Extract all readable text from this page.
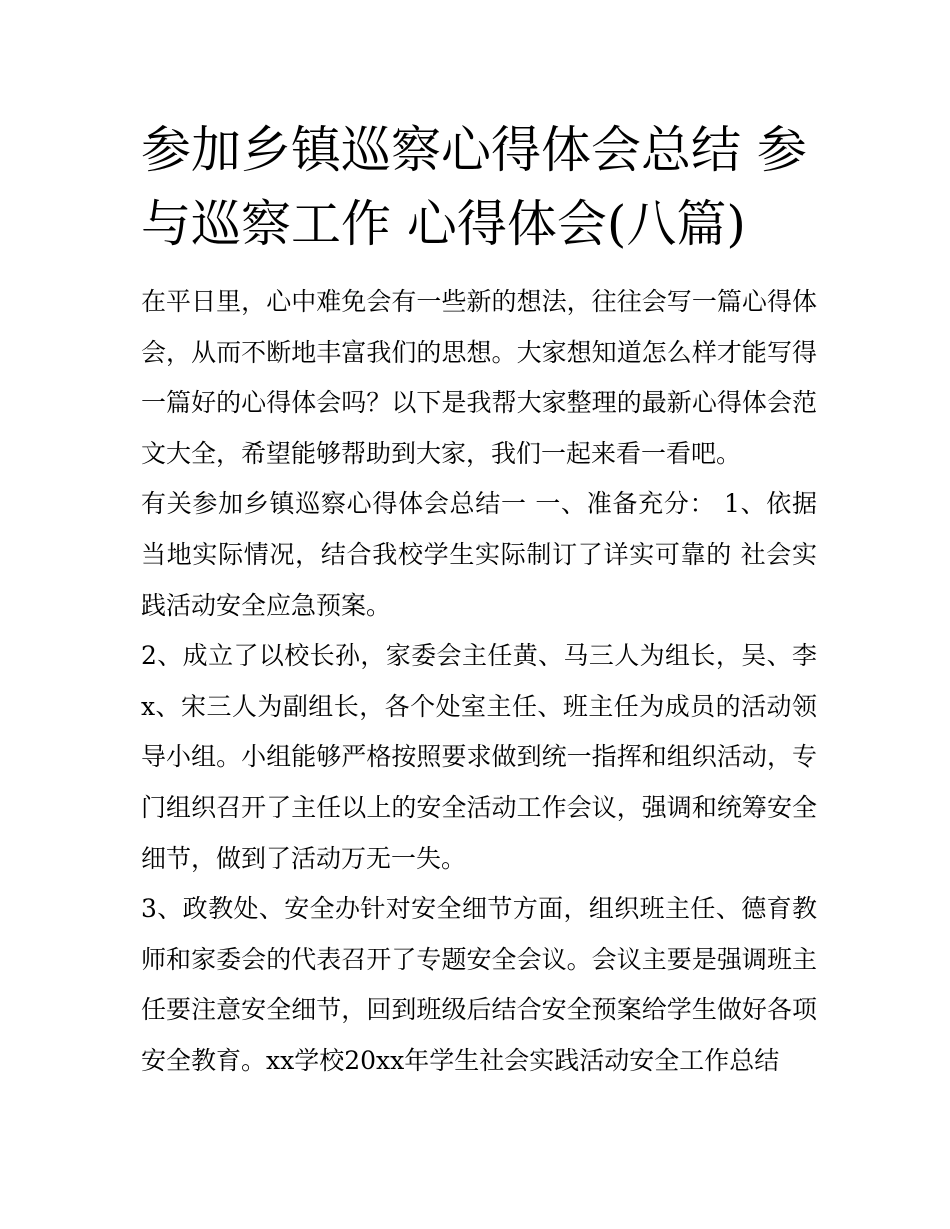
参加乡镇巡察心得体会总结 参与巡察工作 心得体会(八篇)

在平日里，心中难免会有一些新的想法，往往会写一篇心得体会，从而不断地丰富我们的思想。大家想知道怎么样才能写得一篇好的心得体会吗？以下是我帮大家整理的最新心得体会范文大全，希望能够帮助到大家，我们一起来看一看吧。

有关参加乡镇巡察心得体会总结一 一、准备充分： 1、依据当地实际情况，结合我校学生实际制订了详实可靠的 社会实践活动安全应急预案。

2、成立了以校长孙，家委会主任黄、马三人为组长，吴、李x、宋三人为副组长，各个处室主任、班主任为成员的活动领导小组。小组能够严格按照要求做到统一指挥和组织活动，专门组织召开了主任以上的安全活动工作会议，强调和统筹安全细节，做到了活动万无一失。

3、政教处、安全办针对安全细节方面，组织班主任、德育教师和家委会的代表召开了专题安全会议。会议主要是强调班主任要注意安全细节，回到班级后结合安全预案给学生做好各项安全教育。xx学校20xx年学生社会实践活动安全工作总结
